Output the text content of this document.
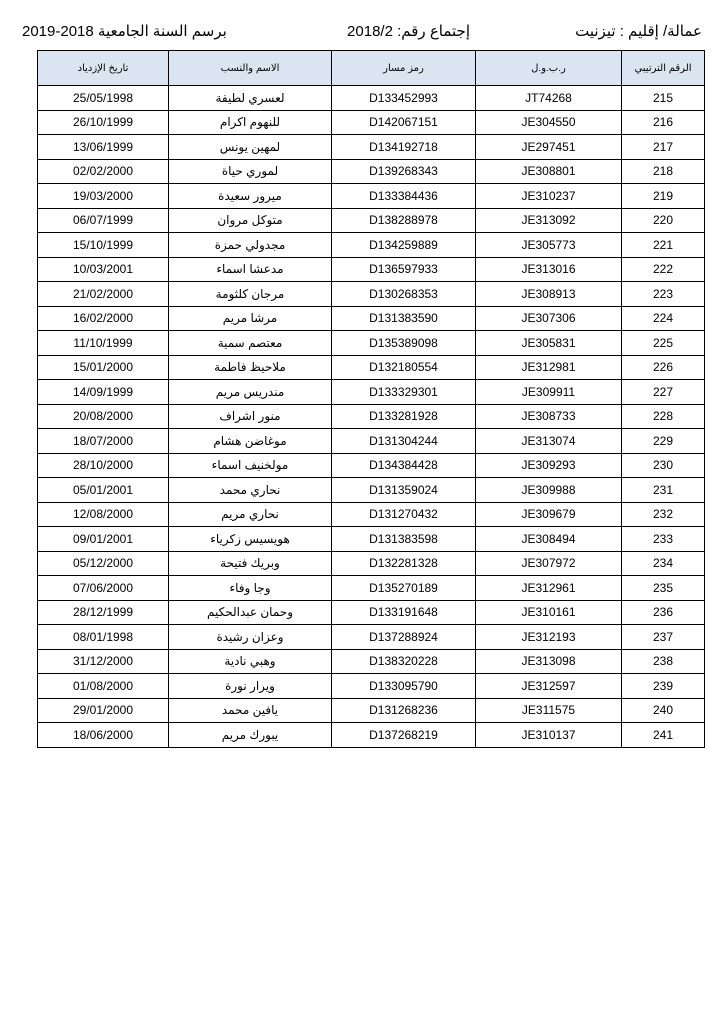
عمالة/ إقليم : تيزنيت
إجتماع رقم: 2018/2
برسم السنة الجامعية 2018-2019
الرقم الترتيبي	ر.ب.و.ل	رمز مسار	الاسم والنسب	تاريخ الإزدياد
215	JT74268	D133452993	لعسري لطيفة	25/05/1998
216	JE304550	D142067151	للنهوم اكرام	26/10/1999
217	JE297451	D134192718	لمهين يونس	13/06/1999
218	JE308801	D139268343	لموري حياة	02/02/2000
219	JE310237	D133384436	ميرور سعيدة	19/03/2000
220	JE313092	D138288978	متوكل مروان	06/07/1999
221	JE305773	D134259889	مجدولي حمزة	15/10/1999
222	JE313016	D136597933	مدعشا اسماء	10/03/2001
223	JE308913	D130268353	مرجان كلثومة	21/02/2000
224	JE307306	D131383590	مرشا مريم	16/02/2000
225	JE305831	D135389098	معتصم سمية	11/10/1999
226	JE312981	D132180554	ملاحيظ فاطمة	15/01/2000
227	JE309911	D133329301	مندريس مريم	14/09/1999
228	JE308733	D133281928	منور اشراف	20/08/2000
229	JE313074	D131304244	موغاضن هشام	18/07/2000
230	JE309293	D134384428	مولخنيف اسماء	28/10/2000
231	JE309988	D131359024	نحاري محمد	05/01/2001
232	JE309679	D131270432	نحاري مريم	12/08/2000
233	JE308494	D131383598	هويسيس زكرياء	09/01/2001
234	JE307972	D132281328	وبريك فتيحة	05/12/2000
235	JE312961	D135270189	وجا وفاء	07/06/2000
236	JE310161	D133191648	وحمان عبدالحكيم	28/12/1999
237	JE312193	D137288924	وعزان رشيدة	08/01/1998
238	JE313098	D138320228	وهبي نادية	31/12/2000
239	JE312597	D133095790	ويرار نورة	01/08/2000
240	JE311575	D131268236	يافين محمد	29/01/2000
241	JE310137	D137268219	يبورك مريم	18/06/2000
